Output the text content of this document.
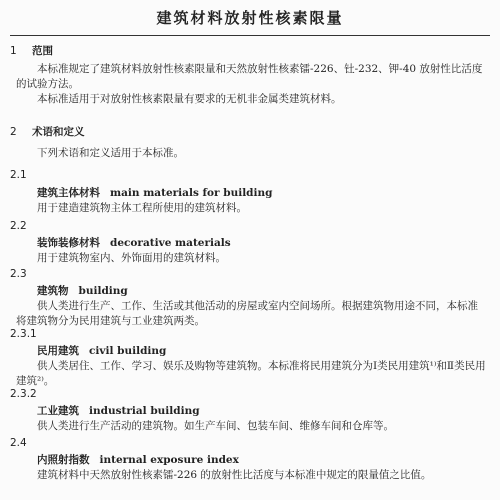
建筑材料放射性核素限量
1 范围

本标准规定了建筑材料放射性核素限量和天然放射性核素镭-226、钍-232、钾-40 放射性比活度的试验方法。

本标准适用于对放射性核素限量有要求的无机非金属类建筑材料。

2 术语和定义

下列术语和定义适用于本标准。

2.1

建筑主体材料 main materials for building

用于建造建筑物主体工程所使用的建筑材料。

2.2

装饰装修材料 decorative materials

用于建筑物室内、外饰面用的建筑材料。

2.3

建筑物 building

供人类进行生产、工作、生活或其他活动的房屋或室内空间场所。根据建筑物用途不同，本标准将建筑物分为民用建筑与工业建筑两类。

2.3.1

民用建筑 civil building

供人类居住、工作、学习、娱乐及购物等建筑物。本标准将民用建筑分为Ⅰ类民用建筑¹⁾和Ⅱ类民用建筑²⁾。

2.3.2

工业建筑 industrial building

供人类进行生产活动的建筑物。如生产车间、包装车间、维修车间和仓库等。

2.4

内照射指数 internal exposure index

建筑材料中天然放射性核素镭-226 的放射性比活度与本标准中规定的限量值之比值。
